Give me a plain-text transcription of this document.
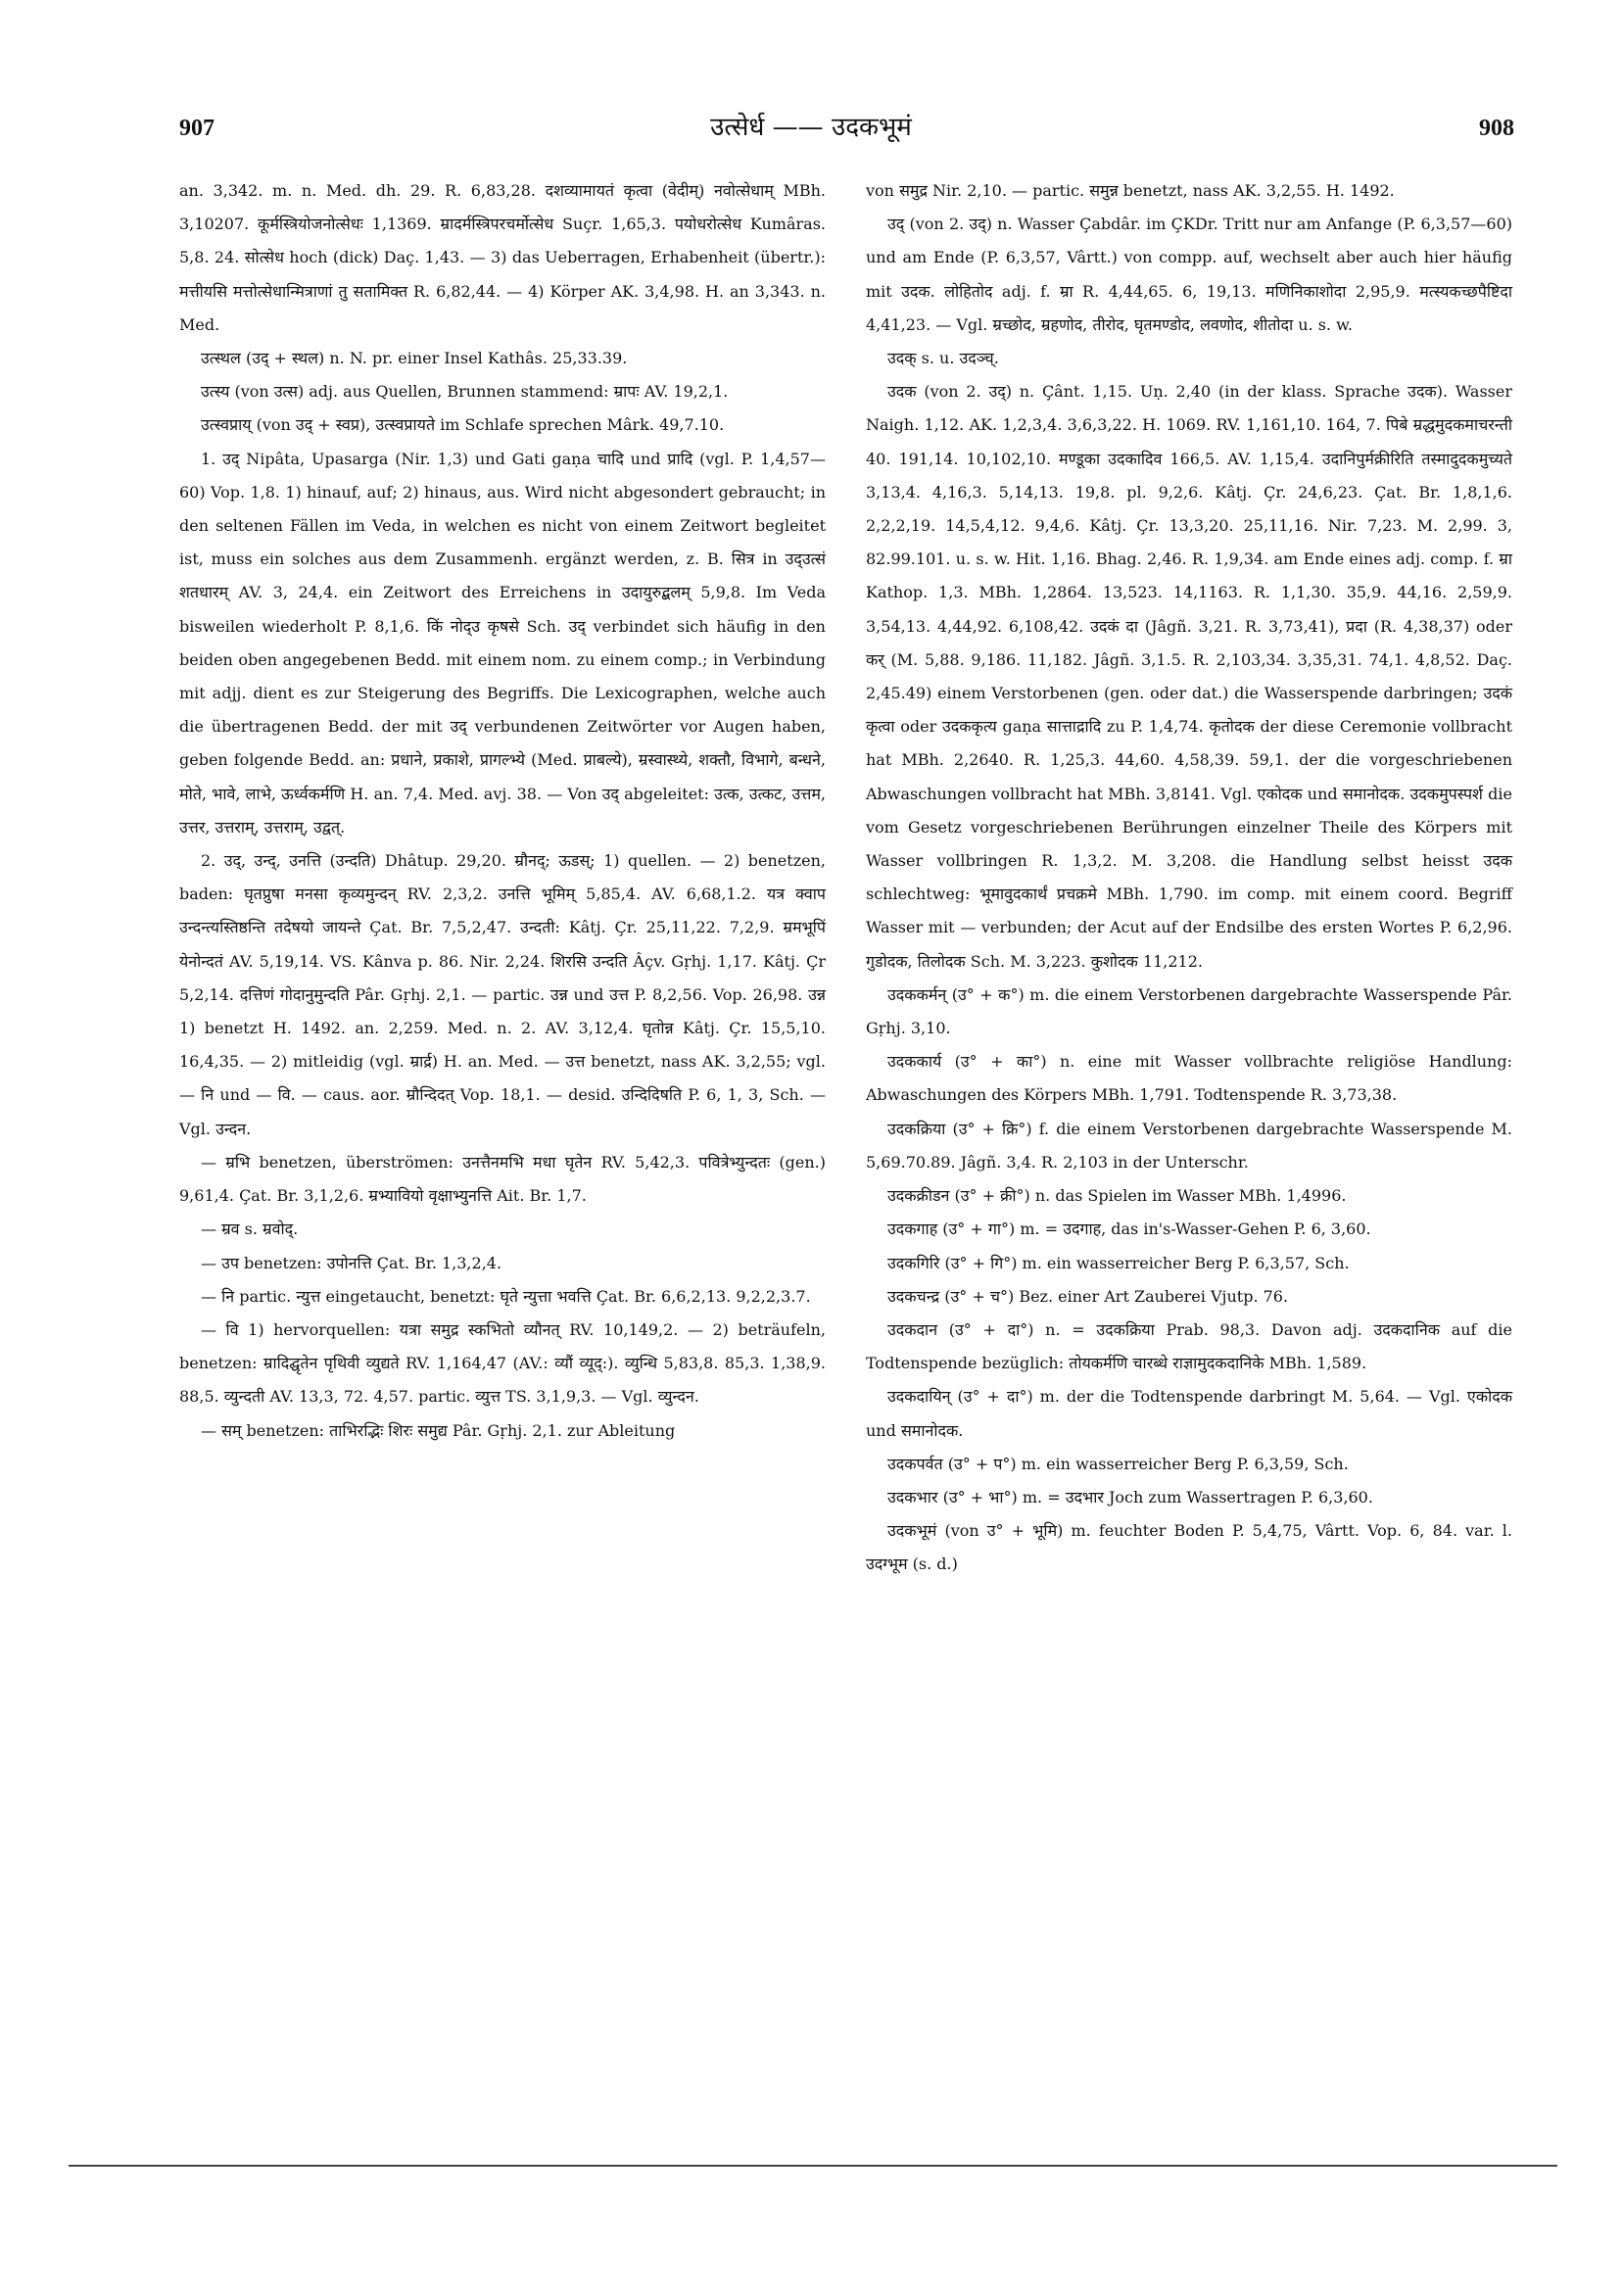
907	उत्सेर्ध —— उदकभूमं	908

an. 3,342. m. n. Med. dh. 29. R. 6,83,28. दशव्यामायतं कृत्वा (वेदीम्) नवोत्सेधाम् MBh. 3,10207. कूर्मस्त्रियोजनोत्सेधः 1,1369. म्रादर्मस्त्रिपरचर्मोत्सेध Suçr. 1,65,3. पयोधरोत्सेध Kumâras. 5,8. 24. सोत्सेध hoch (dick) Daç. 1,43. — 3) das Ueberragen, Erhabenheit (übertr.): मत्तीयसि मत्तोत्सेधान्मित्राणां तु सतामिक्त R. 6,82,44. — 4) Körper AK. 3,4,98. H. an 3,343. n. Med.

उत्स्थल (उद् + स्थल) n. N. pr. einer Insel Kathâs. 25,33.39.

उत्स्य (von उत्स) adj. aus Quellen, Brunnen stammend: म्रापः AV. 19,2,1.

उत्स्वप्राय् (von उद् + स्वप्र), उत्स्वप्रायते im Schlafe sprechen Mârk. 49,7.10.

1. उद् Nipâta, Upasarga (Nir. 1,3) und Gati gaṇa चादि und प्रादि (vgl. P. 1,4,57—60) Vop. 1,8. 1) hinauf, auf; 2) hinaus, aus. Wird nicht abgesondert gebraucht; in den seltenen Fällen im Veda, in welchen es nicht von einem Zeitwort begleitet ist, muss ein solches aus dem Zusammenh. ergänzt werden, z. B. सित्र in उद्उत्सं शतधारम् AV. 3, 24,4. ein Zeitwort des Erreichens in उदायुरुद्बलम् 5,9,8. Im Veda bisweilen wiederholt P. 8,1,6. किं नोद्उ कृषसे Sch. उद् verbindet sich häufig in den beiden oben angegebenen Bedd. mit einem nom. zu einem comp.; in Verbindung mit adjj. dient es zur Steigerung des Begriffs. Die Lexicographen, welche auch die übertragenen Bedd. der mit उद् verbundenen Zeitwörter vor Augen haben, geben folgende Bedd. an: प्रधाने, प्रकाशे, प्रागल्भ्ये (Med. प्राबल्ये), म्रस्वास्थ्ये, शक्तौ, विभागे, बन्धने, मोते, भावे, लाभे, ऊर्ध्वकर्मणि H. an. 7,4. Med. avj. 38. — Von उद् abgeleitet: उत्क, उत्कट, उत्तम, उत्तर, उत्तराम्, उत्तराम्, उद्वत्.

2. उद्, उन्द्, उनत्ति (उन्दति) Dhâtup. 29,20. म्रौनद्; ऊडस्; 1) quellen. — 2) benetzen, baden: घृतप्रुषा मनसा कृव्यमुन्दन् RV. 2,3,2. उनत्ति भूमिम् 5,85,4. AV. 6,68,1.2. यत्र क्वाप उन्दन्त्यस्तिष्ठन्ति तदेषयो जायन्ते Çat. Br. 7,5,2,47. उन्दती: Kâtj. Çr. 25,11,22. 7,2,9. म्रमभूपिं येनोन्दतं AV. 5,19,14. VS. Kânva p. 86. Nir. 2,24. शिरसि उन्दति Âçv. Gṛhj. 1,17. Kâtj. Çr 5,2,14. दत्तिणं गोदानुमुन्दति Pâr. Gṛhj. 2,1. — partic. उन्न und उत्त P. 8,2,56. Vop. 26,98. उन्न 1) benetzt H. 1492. an. 2,259. Med. n. 2. AV. 3,12,4. घृतोन्न Kâtj. Çr. 15,5,10. 16,4,35. — 2) mitleidig (vgl. म्रार्द्र) H. an. Med. — उत्त benetzt, nass AK. 3,2,55; vgl. — नि und — वि. — caus. aor. म्रौन्दिदत् Vop. 18,1. — desid. उन्दिदिषति P. 6, 1, 3, Sch. — Vgl. उन्दन.

— म्रभि benetzen, überströmen: उनत्तैनमभि मधा घृतेन RV. 5,42,3. पवित्रेभ्युन्दतः (gen.) 9,61,4. Çat. Br. 3,1,2,6. म्रभ्यावियो वृक्षाभ्युनत्ति Ait. Br. 1,7.

— म्रव s. म्रवोद्.

— उप benetzen: उपोनत्ति Çat. Br. 1,3,2,4.

— नि partic. न्युत्त eingetaucht, benetzt: घृते न्युत्ता भवत्ति Çat. Br. 6,6,2,13. 9,2,2,3.7.

— वि 1) hervorquellen: यत्रा समुद्र स्कभितो व्यौनत् RV. 10,149,2. — 2) beträufeln, benetzen: म्रादिद्घृतेन पृथिवी व्युद्यते RV. 1,164,47 (AV.: व्यौं व्यूद्:). व्युन्धि 5,83,8. 85,3. 1,38,9. 88,5. व्युन्दती AV. 13,3, 72. 4,57. partic. व्युत्त TS. 3,1,9,3. — Vgl. व्युन्दन.

— सम् benetzen: ताभिरद्भिः शिरः समुद्य Pâr. Gṛhj. 2,1. zur Ableitung

von समुद्र Nir. 2,10. — partic. समुन्न benetzt, nass AK. 3,2,55. H. 1492.

उद् (von 2. उद्) n. Wasser Çabdâr. im ÇKDr. Tritt nur am Anfange (P. 6,3,57—60) und am Ende (P. 6,3,57, Vârtt.) von compp. auf, wechselt aber auch hier häufig mit उदक. लोहितोद adj. f. म्रा R. 4,44,65. 6, 19,13. मणिनिकाशोदा 2,95,9. मत्स्यकच्छपैष्टिदा 4,41,23. — Vgl. म्रच्छोद, म्रहणोद, तीरोद, घृतमण्डोद, लवणोद, शीतोदा u. s. w.

उदक् s. u. उदञ्च्.

उदक (von 2. उद्) n. Çânt. 1,15. Uṇ. 2,40 (in der klass. Sprache उदक). Wasser Naigh. 1,12. AK. 1,2,3,4. 3,6,3,22. H. 1069. RV. 1,161,10. 164, 7. पिबे म्रद्धमुदकमाचरन्ती 40. 191,14. 10,102,10. मण्डूका उदकादिव 166,5. AV. 1,15,4. उदानिपुर्मक्रीरिति तस्मादुदकमुच्यते 3,13,4. 4,16,3. 5,14,13. 19,8. pl. 9,2,6. Kâtj. Çr. 24,6,23. Çat. Br. 1,8,1,6. 2,2,2,19. 14,5,4,12. 9,4,6. Kâtj. Çr. 13,3,20. 25,11,16. Nir. 7,23. M. 2,99. 3, 82.99.101. u. s. w. Hit. 1,16. Bhag. 2,46. R. 1,9,34. am Ende eines adj. comp. f. म्रा Kathop. 1,3. MBh. 1,2864. 13,523. 14,1163. R. 1,1,30. 35,9. 44,16. 2,59,9. 3,54,13. 4,44,92. 6,108,42. उदकं दा (Jâgñ. 3,21. R. 3,73,41), प्रदा (R. 4,38,37) oder कर् (M. 5,88. 9,186. 11,182. Jâgñ. 3,1.5. R. 2,103,34. 3,35,31. 74,1. 4,8,52. Daç. 2,45.49) einem Verstorbenen (gen. oder dat.) die Wasserspende darbringen; उदकं कृत्वा oder उदककृत्य gaṇa सात्ताद्रादि zu P. 1,4,74. कृतोदक der diese Ceremonie vollbracht hat MBh. 2,2640. R. 1,25,3. 44,60. 4,58,39. 59,1. der die vorgeschriebenen Abwaschungen vollbracht hat MBh. 3,8141. Vgl. एकोदक und समानोदक. उदकमुपस्पर्श die vom Gesetz vorgeschriebenen Berührungen einzelner Theile des Körpers mit Wasser vollbringen R. 1,3,2. M. 3,208. die Handlung selbst heisst उदक schlechtweg: भूमावुदकार्थं प्रचक्रमे MBh. 1,790. im comp. mit einem coord. Begriff Wasser mit — verbunden; der Acut auf der Endsilbe des ersten Wortes P. 6,2,96. गुडोदक, तिलोदक Sch. M. 3,223. कुशोदक 11,212.

उदककर्मन् (उ° + क°) m. die einem Verstorbenen dargebrachte Wasserspende Pâr. Gṛhj. 3,10.

उदककार्य (उ° + का°) n. eine mit Wasser vollbrachte religiöse Handlung: Abwaschungen des Körpers MBh. 1,791. Todtenspende R. 3,73,38.

उदकक्रिया (उ° + क्रि°) f. die einem Verstorbenen dargebrachte Wasserspende M. 5,69.70.89. Jâgñ. 3,4. R. 2,103 in der Unterschr.

उदकक्रीडन (उ° + क्री°) n. das Spielen im Wasser MBh. 1,4996.

उदकगाह (उ° + गा°) m. = उदगाह, das in's-Wasser-Gehen P. 6, 3,60.

उदकगिरि (उ° + गि°) m. ein wasserreicher Berg P. 6,3,57, Sch.

उदकचन्द्र (उ° + च°) Bez. einer Art Zauberei Vjutp. 76.

उदकदान (उ° + दा°) n. = उदकक्रिया Prab. 98,3. Davon adj. उदकदानिक auf die Todtenspende bezüglich: तोयकर्मणि चारब्धे राज्ञामुदकदानिके MBh. 1,589.

उदकदायिन् (उ° + दा°) m. der die Todtenspende darbringt M. 5,64. — Vgl. एकोदक und समानोदक.

उदकपर्वत (उ° + प°) m. ein wasserreicher Berg P. 6,3,59, Sch.

उदकभार (उ° + भा°) m. = उदभार Joch zum Wassertragen P. 6,3,60.

उदकभूमं (von उ° + भूमि) m. feuchter Boden P. 5,4,75, Vârtt. Vop. 6, 84. var. l. उदग्भूम (s. d.)
